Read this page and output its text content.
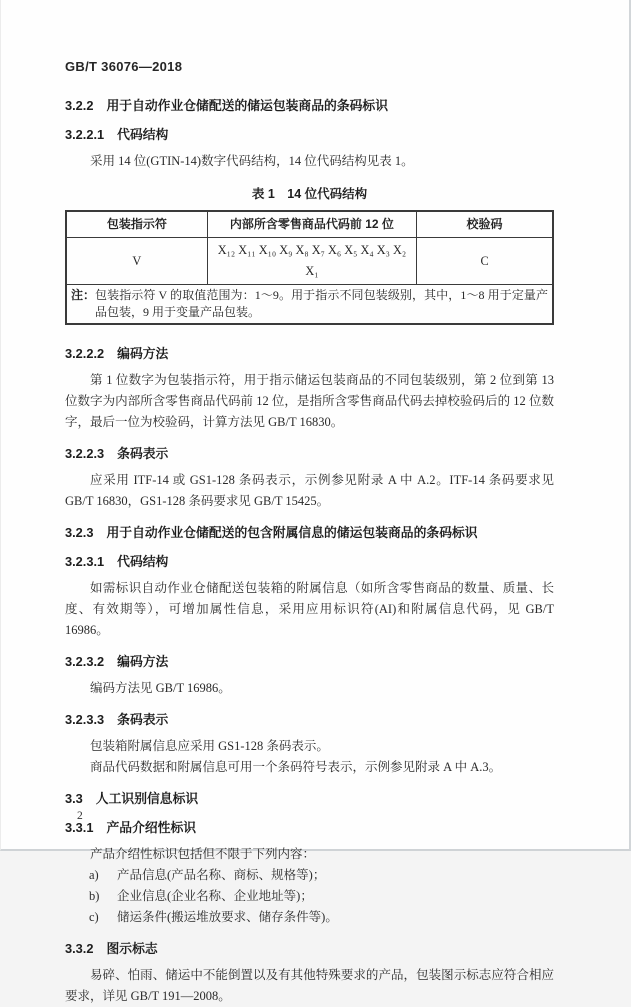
GB/T 36076—2018
3.2.2 用于自动作业仓储配送的储运包装商品的条码标识
3.2.2.1 代码结构
采用 14 位(GTIN-14)数字代码结构，14 位代码结构见表 1。
表 1　14 位代码结构
包装指示符	内部所含零售商品代码前 12 位	校验码
V	X₁₂ X₁₁ X₁₀ X₉ X₈ X₇ X₆ X₅ X₄ X₃ X₂ X₁	C

注： 包装指示符 V 的取值范围为：1～9。用于指示不同包装级别，其中，1～8 用于定量产品包装，9 用于变量产品包装。		
3.2.2.2 编码方法
第 1 位数字为包装指示符，用于指示储运包装商品的不同包装级别，第 2 位到第 13 位数字为内部所含零售商品代码前 12 位，是指所含零售商品代码去掉校验码后的 12 位数字，最后一位为校验码，计算方法见 GB/T 16830。
3.2.2.3 条码表示
应采用 ITF-14 或 GS1-128 条码表示，示例参见附录 A 中 A.2。ITF-14 条码要求见 GB/T 16830，GS1-128 条码要求见 GB/T 15425。
3.2.3 用于自动作业仓储配送的包含附属信息的储运包装商品的条码标识
3.2.3.1 代码结构
如需标识自动作业仓储配送包装箱的附属信息（如所含零售商品的数量、质量、长度、有效期等），可增加属性信息，采用应用标识符(AI)和附属信息代码，见 GB/T 16986。
3.2.3.2 编码方法
编码方法见 GB/T 16986。
3.2.3.3 条码表示
包装箱附属信息应采用 GS1-128 条码表示。
商品代码数据和附属信息可用一个条码符号表示，示例参见附录 A 中 A.3。
3.3 人工识别信息标识
3.3.1 产品介绍性标识
产品介绍性标识包括但不限于下列内容：
a)	产品信息(产品名称、商标、规格等)；
b)	企业信息(企业名称、企业地址等)；
c)	储运条件(搬运堆放要求、储存条件等)。
3.3.2 图示标志
易碎、怕雨、储运中不能倒置以及有其他特殊要求的产品，包装图示标志应符合相应要求，详见 GB/T 191—2008。
2
